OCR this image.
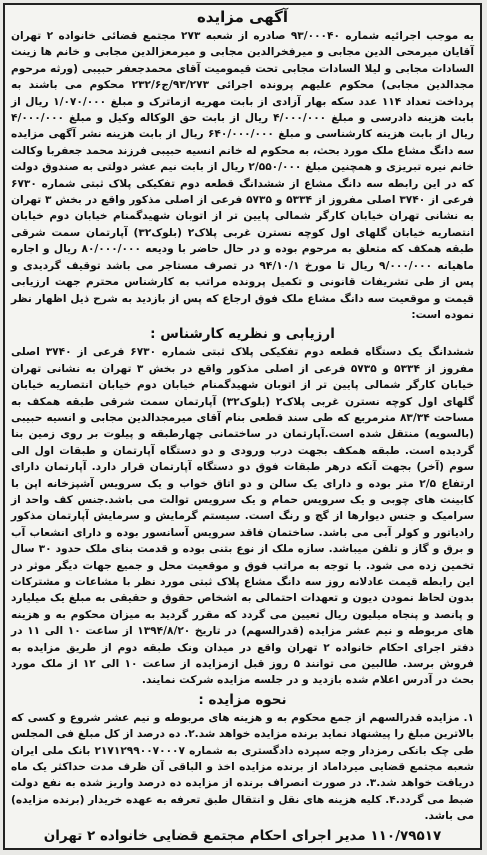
آگهی مزایده

به موجب اجرائیه شماره ۹۳/۰۰۰۴۰ صادره از شعبه ۲۷۳ مجتمع قضائی خانواده ۲ تهران آقایان میرمحی الدین مجابی و میرفخرالدین مجابی و میرمعزالدین مجابی و خانم ها زینت السادات مجابی و لیلا السادات مجابی تحت قیمومیت آقای محمدجعفر حبیبی (ورثه مرحوم مجدالدین مجابی) محکوم علیهم پرونده اجرائی ۹۳/۲۷۳/ج۲۳۲/۶ محکوم می باشند به پرداخت تعداد ۱۱۴ عدد سکه بهار آزادی از بابت مهریه ازماترک و مبلغ ۱/۰۷۰/۰۰۰ ریال از بابت هزینه دادرسی و مبلغ ۴/۰۰۰/۰۰۰ ریال از بابت حق الوکاله وکیل و مبلغ ۴/۰۰۰/۰۰۰ ریال از بابت هزینه کارشناسی و مبلغ ۶۴۰/۰۰۰/۰۰۰ ریال از بابت هزینه نشر آگهی مزایده سه دانگ مشاع ملک مورد بحث، به محکوم له خانم انسیه حبیبی فرزند محمد جعفربا وکالت خانم نیره تبریزی و همچنین مبلغ ۲/۵۵۰/۰۰۰ ریال از بابت نیم عشر دولتی به صندوق دولت که در این رابطه سه دانگ مشاع از ششدانگ قطعه دوم تفکیکی پلاک ثبتی شماره ۶۷۳۰ فرعی از ۳۷۴۰ اصلی مفروز از ۵۳۳۴ و ۵۷۳۵ فرعی از اصلی مذکور واقع در بخش ۳ تهران به نشانی تهران خیابان کارگر شمالی پایین تر از اتوبان شهیدگمنام خیابان دوم خیابان انتصاریه خیابان گلهای اول کوچه نسترن غربی پلاک۲ (بلوک۳۲) آپارتمان سمت شرقی طبقه همکف که متعلق به مرحوم بوده و در حال حاضر با ودیعه ۸۰/۰۰۰/۰۰۰ ریال و اجاره ماهیانه ۹/۰۰۰/۰۰۰ ریال تا مورخ ۹۴/۱۰/۱ در تصرف مستاجر می باشد توقیف گردیدی و پس از طی تشریفات قانونی و تکمیل پرونده مراتب به کارشناس محترم جهت ارزیابی قیمت و موقعیت سه دانگ مشاع ملک فوق ارجاع که پس از بازدید به شرح ذیل اظهار نظر نموده است:

ارزیابی و نظریه کارشناس :

ششدانگ یک دستگاه قطعه دوم تفکیکی پلاک ثبتی شماره ۶۷۳۰ فرعی از ۳۷۴۰ اصلی مفروز از ۵۳۳۴ و ۵۷۳۵ فرعی از اصلی مذکور واقع در بخش ۳ تهران به نشانی تهران خیابان کارگر شمالی پایین تر از اتوبان شهیدگمنام خیابان دوم خیابان انتصاریه خیابان گلهای اول کوچه نسترن غربی پلاک۲ (بلوک۳۲) آپارتمان سمت شرقی طبقه همکف به مساحت ۸۳/۳۴ مترمربع که طی سند قطعی بنام آقای میرمجدالدین مجابی و انسیه حبیبی (بالسویه) منتقل شده است.آپارتمان در ساختمانی چهارطبقه و پیلوت بر روی زمین بنا گردیده است. طبقه همکف بجهت درب ورودی و دو دستگاه آپارتمان و طبقات اول الی سوم (آخر) بجهت آنکه درهر طبقات فوق دو دستگاه آپارتمان قرار دارد. آپارتمان دارای ارتفاع ۲/۵ متر بوده و دارای یک سالن و دو اتاق خواب و یک سرویس آشپزخانه اپن با کابینت های چوبی و یک سرویس حمام و یک سرویس توالت می باشد.جنس کف واحد از سرامیک و جنس دیوارها از گچ و رنگ است. سیستم گرمایش و سرمایش آپارتمان مذکور رادیاتور و کولر آبی می باشد. ساختمان فاقد سرویس آسانسور بوده و دارای انشعاب آب و برق و گاز و تلفن میباشد. سازه ملک از نوع بتنی بوده و قدمت بنای ملک حدود ۳۰ سال تخمین زده می شود. با توجه به مراتب فوق و موقعیت محل و جمیع جهات دیگر موثر در این رابطه قیمت عادلانه روز سه دانگ مشاع پلاک ثبتی مورد نظر با مشاعات و مشترکات بدون لحاظ نمودن دیون و تعهدات احتمالی به اشخاص حقوق و حقیقی به مبلغ یک میلیارد و پانصد و پنجاه میلیون ریال تعیین می گردد که مقرر گردید به میزان محکوم به و هزینه های مربوطه و نیم عشر مزایده (قدرالسهم) در تاریخ ۱۳۹۴/۸/۲۰ از ساعت ۱۰ الی ۱۱ در دفتر اجرای احکام خانواده ۲ تهران واقع در میدان ونک طبقه دوم از طریق مزایده به فروش برسد. طالبین می توانند ۵ روز قبل ازمزایده از ساعت ۱۰ الی ۱۲ از ملک مورد بحث در آدرس اعلام شده بازدید و در جلسه مزایده شرکت نمایند.

نحوه مزایده :

۱. مزایده قدرالسهم از جمع محکوم به و هزینه های مربوطه و نیم عشر شروع و کسی که بالاترین مبلغ را پیشنهاد نماید برنده مزایده خواهد شد.۲. ده درصد از کل مبلغ فی المجلس طی چک بانکی رمزدار وجه سپرده دادگستری به شماره ۲۱۷۱۲۹۹۰۰۷۰۰۰۷ بانک ملی ایران شعبه مجتمع قضایی میرداماد از برنده مزایده اخذ و الباقی آن ظرف مدت حداکثر یک ماه دریافت خواهد شد.۳. در صورت انصراف برنده از مزایده ده درصد واریز شده به نفع دولت ضبط می گردد.۴. کلیه هزینه های نقل و انتقال طبق تعرفه به عهده خریدار (برنده مزایده) می باشد.

۱۱۰/۷۹۵۱۷ مدیر اجرای احکام مجتمع قضایی خانواده ۲ تهران
